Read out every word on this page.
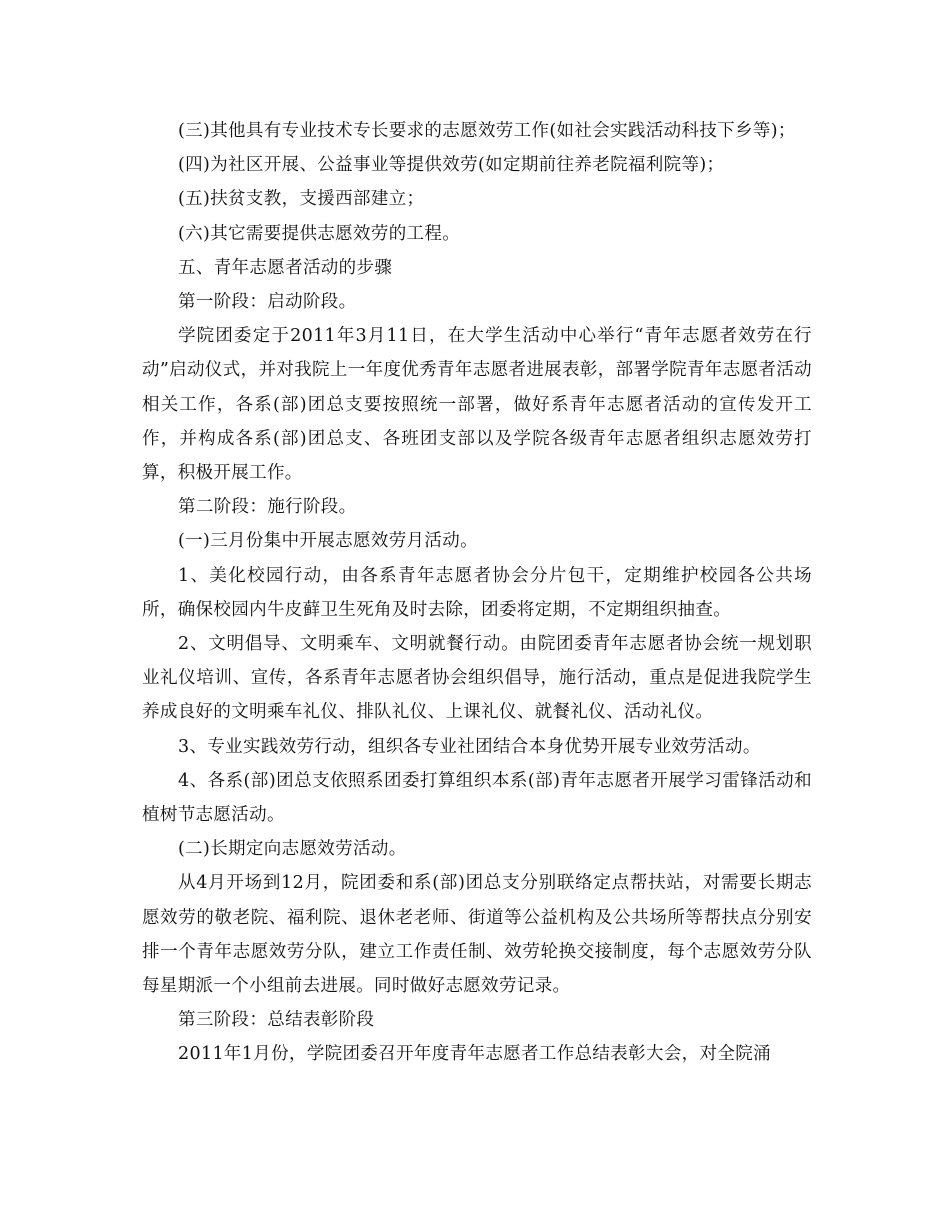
(三)其他具有专业技术专长要求的志愿效劳工作(如社会实践活动科技下乡等)；

(四)为社区开展、公益事业等提供效劳(如定期前往养老院福利院等)；

(五)扶贫支教，支援西部建立；

(六)其它需要提供志愿效劳的工程。

五、青年志愿者活动的步骤

第一阶段：启动阶段。

学院团委定于2011年3月11日，在大学生活动中心举行“青年志愿者效劳在行动”启动仪式，并对我院上一年度优秀青年志愿者进展表彰，部署学院青年志愿者活动相关工作，各系(部)团总支要按照统一部署，做好系青年志愿者活动的宣传发开工作，并构成各系(部)团总支、各班团支部以及学院各级青年志愿者组织志愿效劳打算，积极开展工作。

第二阶段：施行阶段。

(一)三月份集中开展志愿效劳月活动。

1、美化校园行动，由各系青年志愿者协会分片包干，定期维护校园各公共场所，确保校园内牛皮藓卫生死角及时去除，团委将定期，不定期组织抽查。

2、文明倡导、文明乘车、文明就餐行动。由院团委青年志愿者协会统一规划职业礼仪培训、宣传，各系青年志愿者协会组织倡导，施行活动，重点是促进我院学生养成良好的文明乘车礼仪、排队礼仪、上课礼仪、就餐礼仪、活动礼仪。

3、专业实践效劳行动，组织各专业社团结合本身优势开展专业效劳活动。

4、各系(部)团总支依照系团委打算组织本系(部)青年志愿者开展学习雷锋活动和植树节志愿活动。

(二)长期定向志愿效劳活动。

从4月开场到12月，院团委和系(部)团总支分别联络定点帮扶站，对需要长期志愿效劳的敬老院、福利院、退休老老师、街道等公益机构及公共场所等帮扶点分别安排一个青年志愿效劳分队，建立工作责任制、效劳轮换交接制度，每个志愿效劳分队每星期派一个小组前去进展。同时做好志愿效劳记录。

第三阶段：总结表彰阶段

2011年1月份，学院团委召开年度青年志愿者工作总结表彰大会，对全院涌
